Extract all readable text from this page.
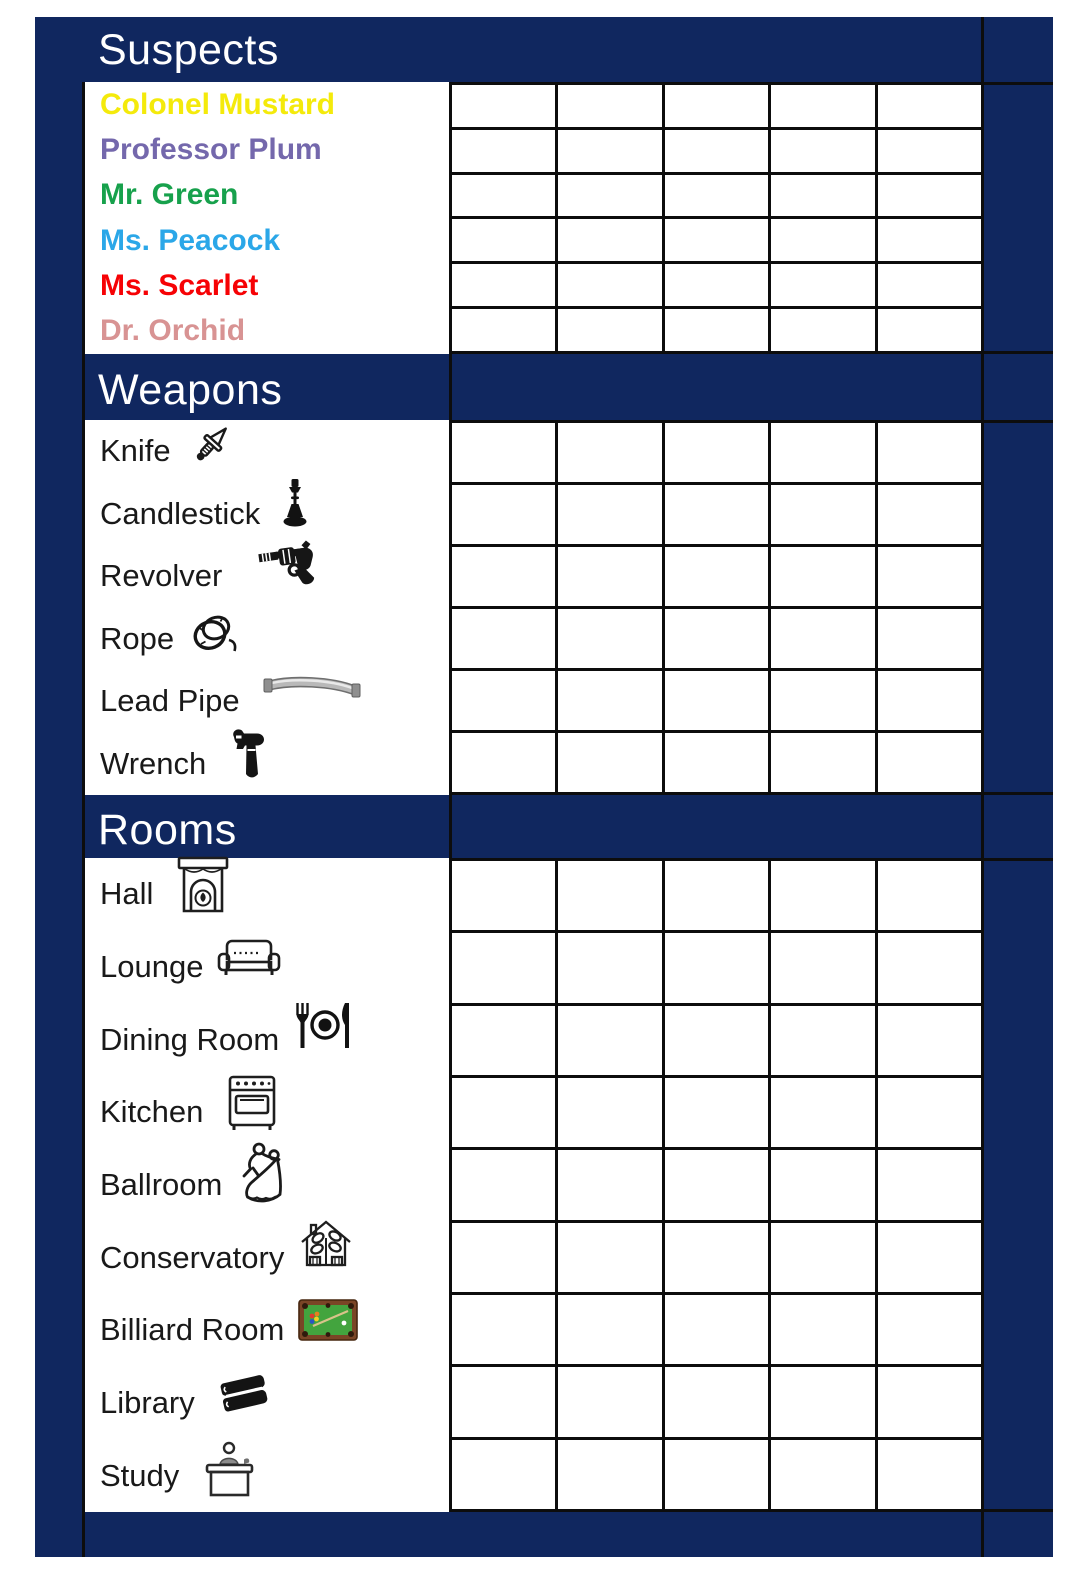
Suspects
Colonel Mustard
Professor Plum
Mr. Green
Ms. Peacock
Ms. Scarlet
Dr. Orchid
Weapons
Knife
Candlestick
Revolver
Rope
Lead Pipe
Wrench
Rooms
Hall
Lounge
Dining Room
Kitchen
Ballroom
Conservatory
Billiard Room
Library
Study
